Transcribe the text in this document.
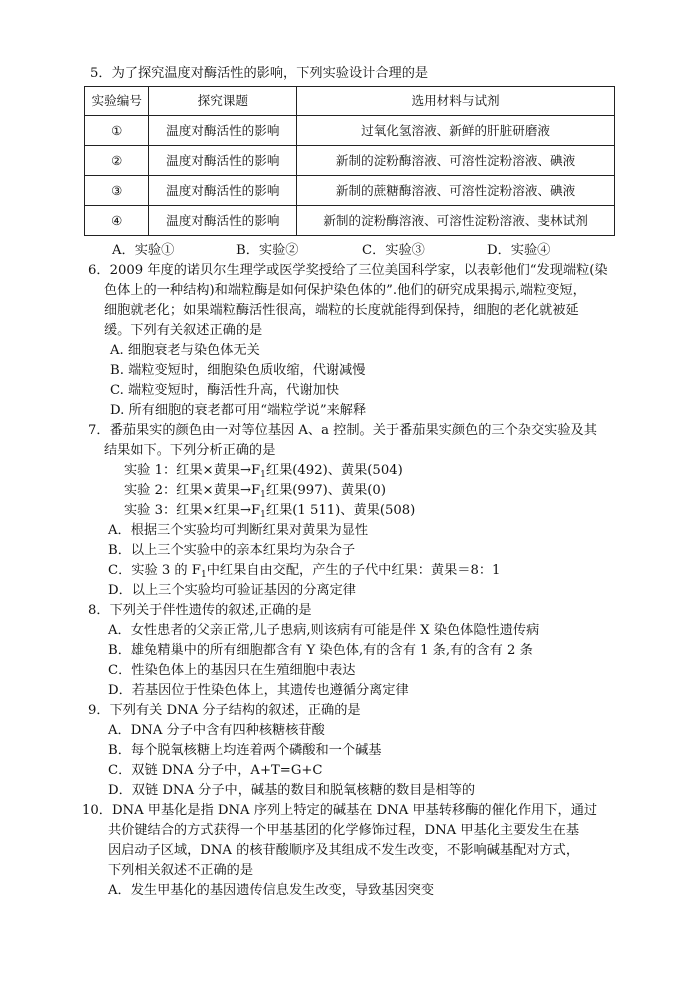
5．为了探究温度对酶活性的影响，下列实验设计合理的是
实验编号	探究课题	选用材料与试剂
①	温度对酶活性的影响	过氧化氢溶液、新鲜的肝脏研磨液
②	温度对酶活性的影响	新制的淀粉酶溶液、可溶性淀粉溶液、碘液
③	温度对酶活性的影响	新制的蔗糖酶溶液、可溶性淀粉溶液、碘液
④	温度对酶活性的影响	新制的淀粉酶溶液、可溶性淀粉溶液、斐林试剂
A．实验①	B．实验②	C．实验③	D．实验④
6．2009 年度的诺贝尔生理学或医学奖授给了三位美国科学家，以表彰他们“发现端粒(染
色体上的一种结构)和端粒酶是如何保护染色体的”.他们的研究成果揭示,端粒变短，
细胞就老化；如果端粒酶活性很高，端粒的长度就能得到保持，细胞的老化就被延
缓。下列有关叙述正确的是
A. 细胞衰老与染色体无关
B. 端粒变短时，细胞染色质收缩，代谢减慢
C. 端粒变短时，酶活性升高，代谢加快
D. 所有细胞的衰老都可用“端粒学说”来解释
7．番茄果实的颜色由一对等位基因 A、a 控制。关于番茄果实颜色的三个杂交实验及其
结果如下。下列分析正确的是
实验 1：红果×黄果$\to F_1$红果(492)、黄果(504)
实验 2：红果×黄果$\to F_1$红果(997)、黄果(0)
实验 3：红果×红果$\to F_1$红果(1 511)、黄果(508)
A．根据三个实验均可判断红果对黄果为显性
B．以上三个实验中的亲本红果均为杂合子
C．实验 3 的 $F_1$中红果自由交配，产生的子代中红果：黄果＝8：1
D．以上三个实验均可验证基因的分离定律
8．下列关于伴性遗传的叙述,正确的是
A．女性患者的父亲正常,儿子患病,则该病有可能是伴 X 染色体隐性遗传病
B．雄兔精巢中的所有细胞都含有 Y 染色体,有的含有 1 条,有的含有 2 条
C．性染色体上的基因只在生殖细胞中表达
D．若基因位于性染色体上，其遗传也遵循分离定律
9．下列有关 DNA 分子结构的叙述，正确的是
A．DNA 分子中含有四种核糖核苷酸
B．每个脱氧核糖上均连着两个磷酸和一个碱基
C．双链 DNA 分子中，A+T=G+C
D．双链 DNA 分子中，碱基的数目和脱氧核糖的数目是相等的
10．DNA 甲基化是指 DNA 序列上特定的碱基在 DNA 甲基转移酶的催化作用下，通过
共价键结合的方式获得一个甲基基团的化学修饰过程，DNA 甲基化主要发生在基
因启动子区域，DNA 的核苷酸顺序及其组成不发生改变，不影响碱基配对方式，
下列相关叙述不正确的是
A．发生甲基化的基因遗传信息发生改变，导致基因突变
